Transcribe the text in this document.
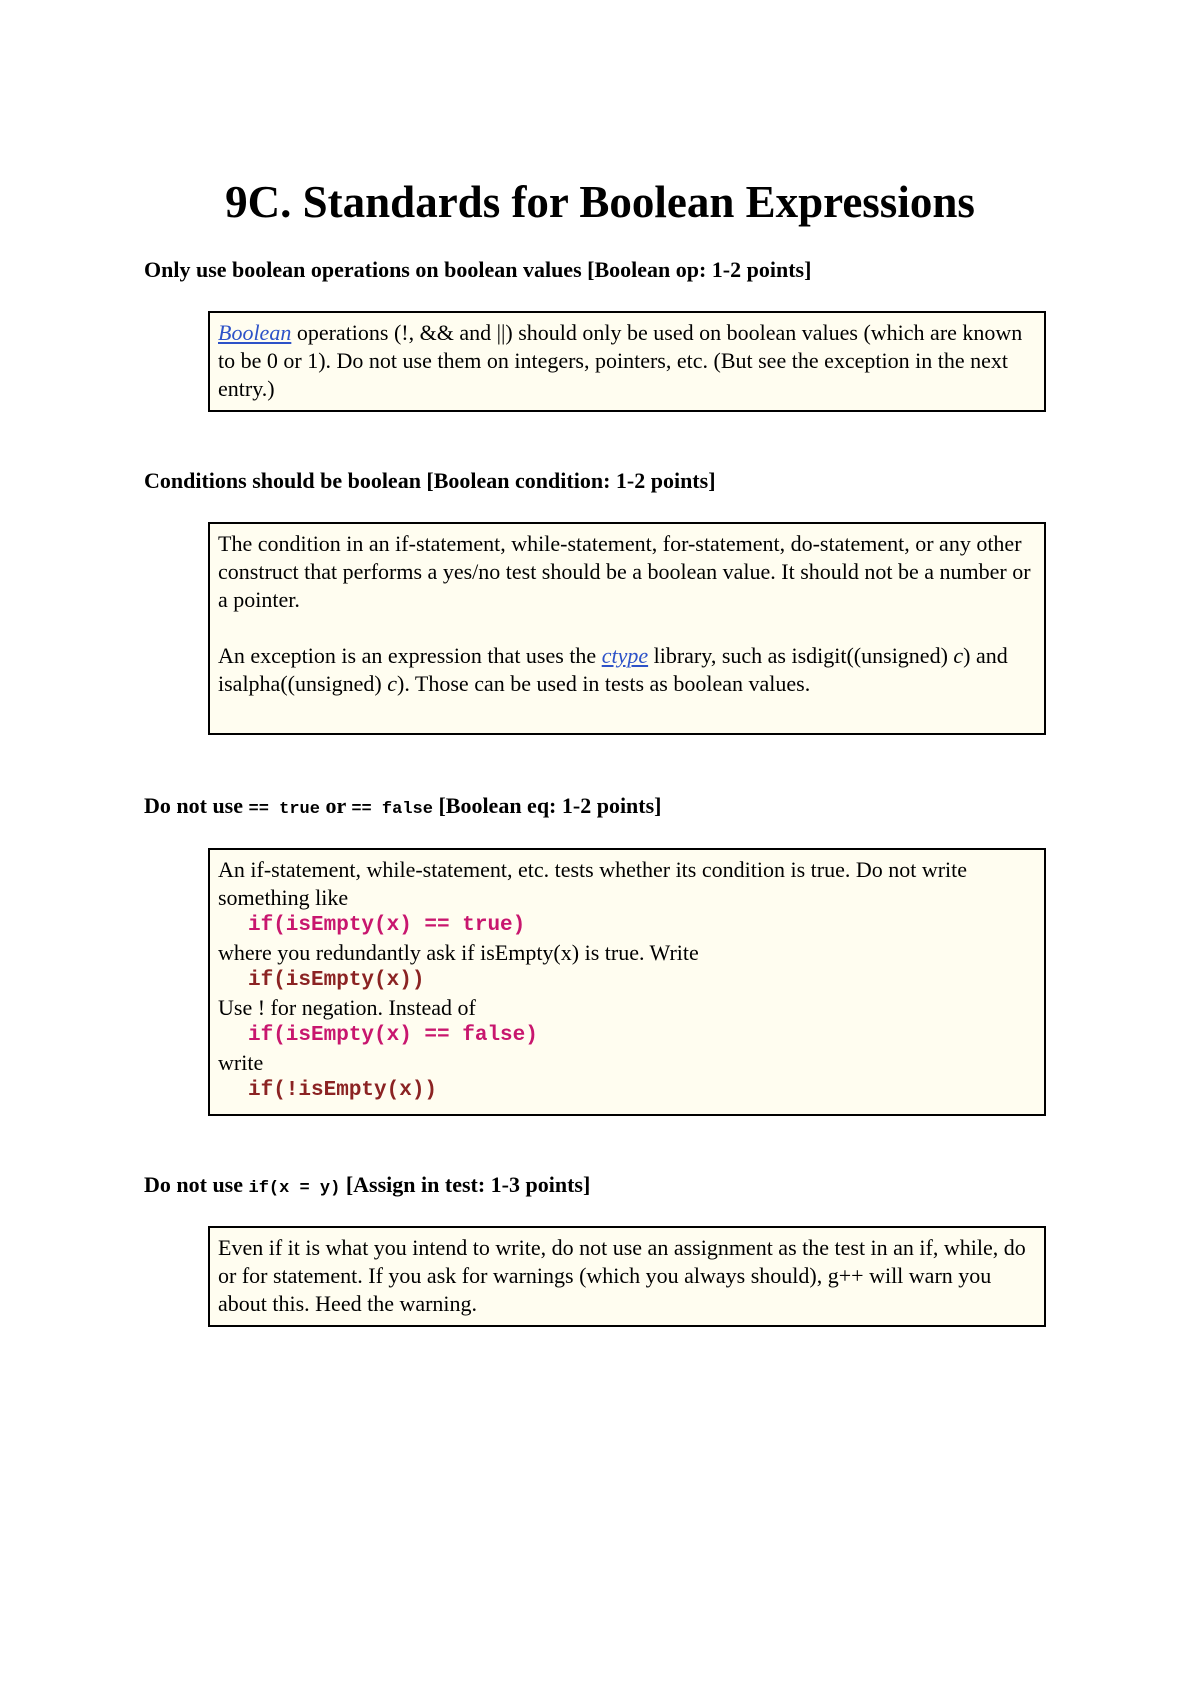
9C. Standards for Boolean Expressions
Only use boolean operations on boolean values [Boolean op: 1-2 points]

Boolean operations (!, && and ||) should only be used on boolean values (which are known to be 0 or 1). Do not use them on integers, pointers, etc. (But see the exception in the next entry.)

Conditions should be boolean [Boolean condition: 1-2 points]

The condition in an if-statement, while-statement, for-statement, do-statement, or any other construct that performs a yes/no test should be a boolean value. It should not be a number or a pointer.

An exception is an expression that uses the ctype library, such as isdigit((unsigned) c) and isalpha((unsigned) c). Those can be used in tests as boolean values.

Do not use == true or == false [Boolean eq: 1-2 points]

An if-statement, while-statement, etc. tests whether its condition is true. Do not write something like

if(isEmpty(x) == true)

where you redundantly ask if isEmpty(x) is true. Write

if(isEmpty(x))

Use ! for negation. Instead of

if(isEmpty(x) == false)

write

if(!isEmpty(x))
Do not use if(x = y) [Assign in test: 1-3 points]

Even if it is what you intend to write, do not use an assignment as the test in an if, while, do or for statement. If you ask for warnings (which you always should), g++ will warn you about this. Heed the warning.
